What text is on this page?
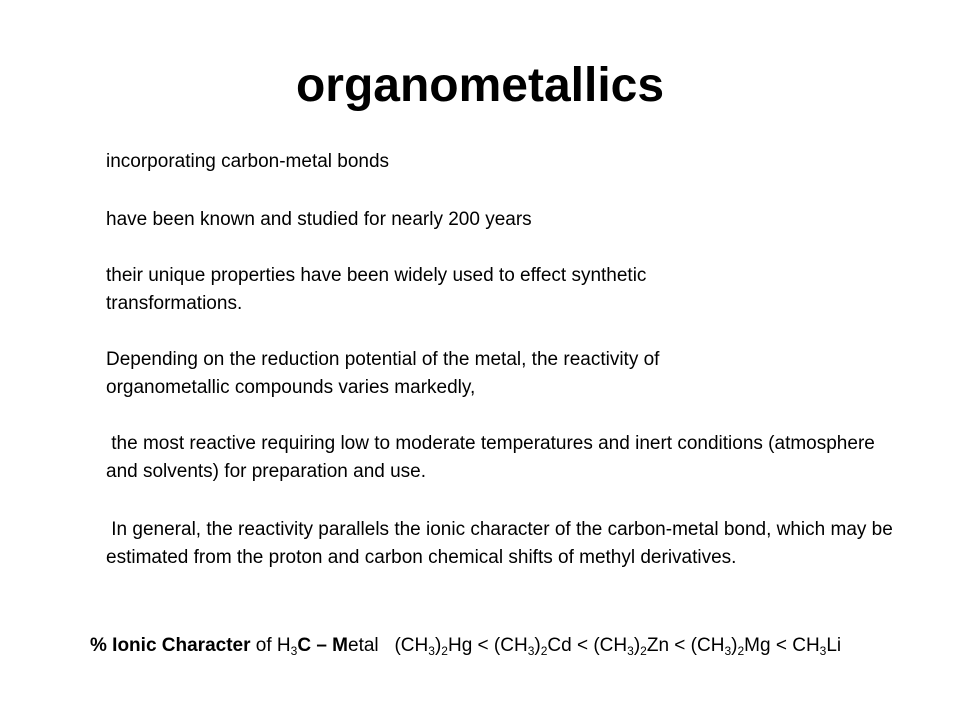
organometallics
incorporating carbon-metal bonds
have been known and studied for nearly 200 years
their unique properties have been widely used to effect synthetic transformations.
Depending on the reduction potential of the metal, the reactivity of organometallic compounds varies markedly,
the most reactive requiring low to moderate temperatures and inert conditions (atmosphere and solvents) for preparation and use.
In general, the reactivity parallels the ionic character of the carbon-metal bond, which may be estimated from the proton and carbon chemical shifts of methyl derivatives.
% Ionic Character of $H_3C$ – Metal $(CH_3)_2Hg < (CH_3)_2Cd < (CH_3)_2Zn < (CH_3)_2Mg < CH_3Li$
